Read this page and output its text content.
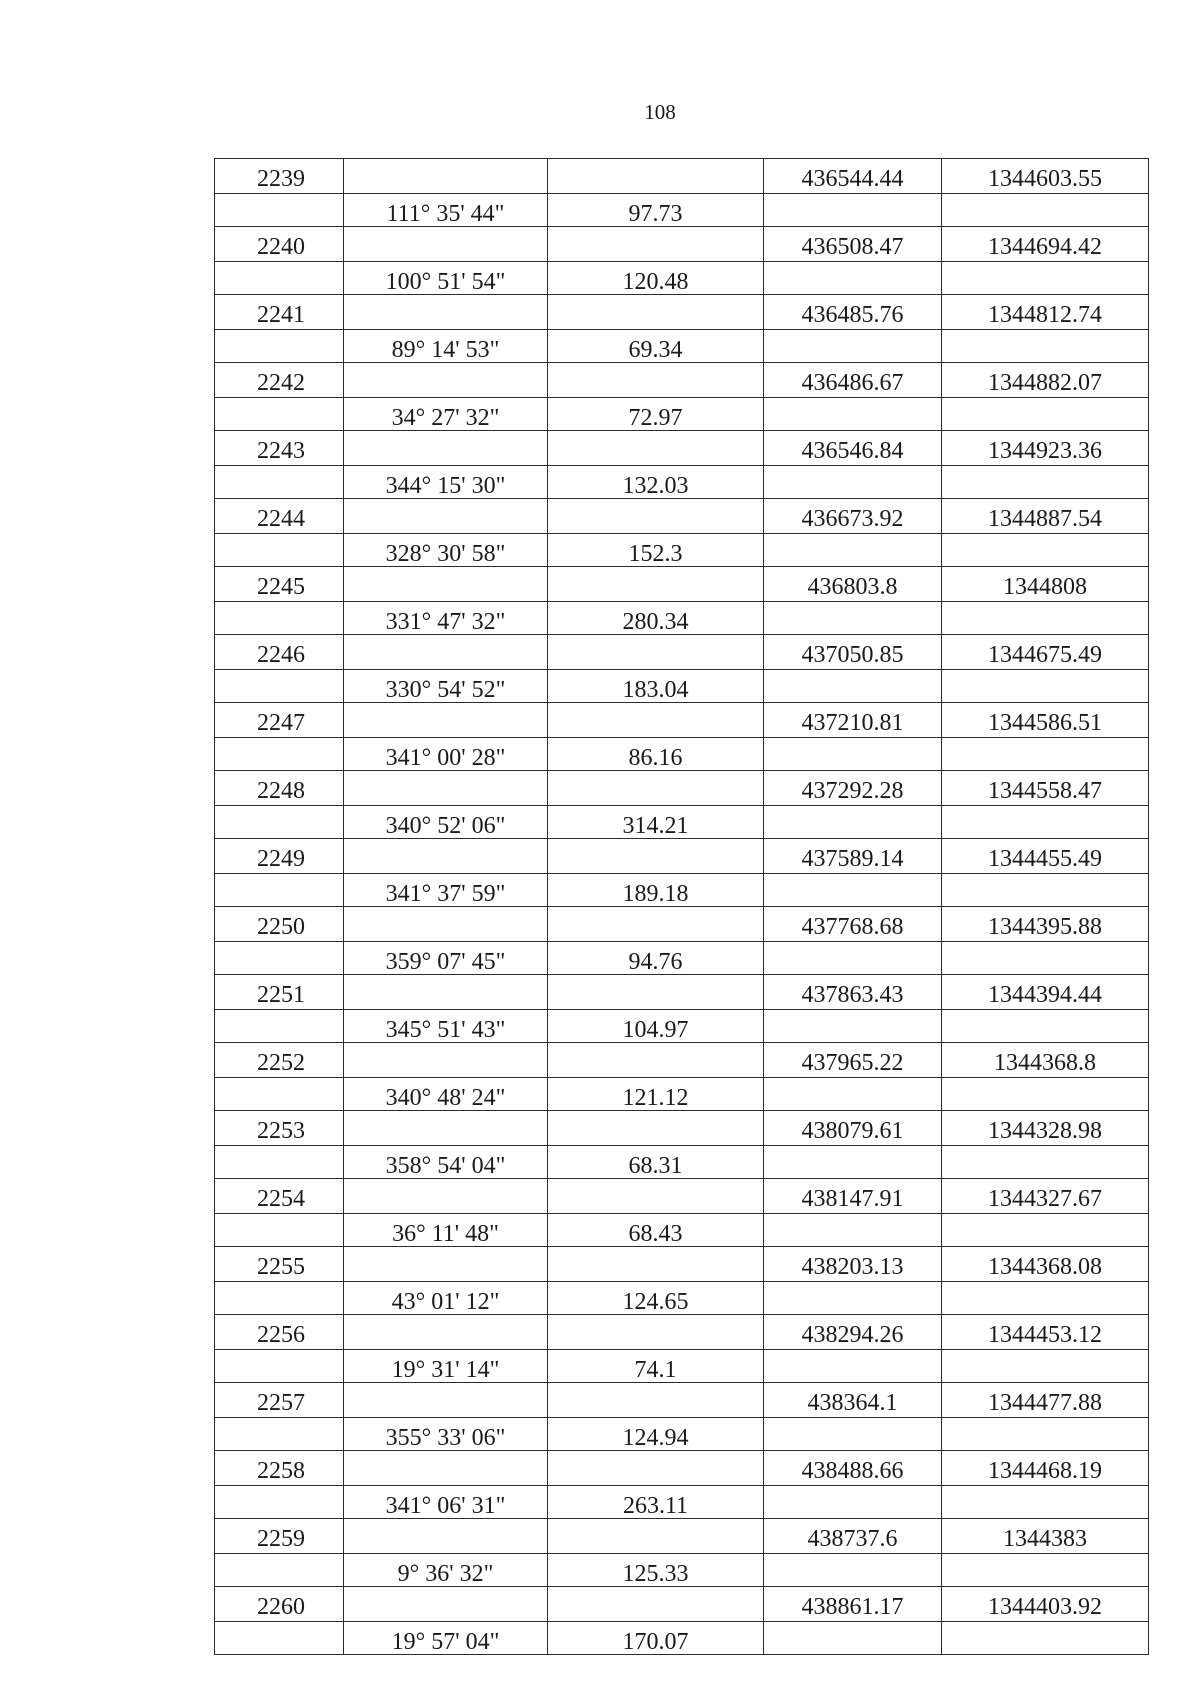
108
2239			436544.44	1344603.55
	111° 35' 44"	97.73		
2240			436508.47	1344694.42
	100° 51' 54"	120.48		
2241			436485.76	1344812.74
	89° 14' 53"	69.34		
2242			436486.67	1344882.07
	34° 27' 32"	72.97		
2243			436546.84	1344923.36
	344° 15' 30"	132.03		
2244			436673.92	1344887.54
	328° 30' 58"	152.3		
2245			436803.8	1344808
	331° 47' 32"	280.34		
2246			437050.85	1344675.49
	330° 54' 52"	183.04		
2247			437210.81	1344586.51
	341° 00' 28"	86.16		
2248			437292.28	1344558.47
	340° 52' 06"	314.21		
2249			437589.14	1344455.49
	341° 37' 59"	189.18		
2250			437768.68	1344395.88
	359° 07' 45"	94.76		
2251			437863.43	1344394.44
	345° 51' 43"	104.97		
2252			437965.22	1344368.8
	340° 48' 24"	121.12		
2253			438079.61	1344328.98
	358° 54' 04"	68.31		
2254			438147.91	1344327.67
	36° 11' 48"	68.43		
2255			438203.13	1344368.08
	43° 01' 12"	124.65		
2256			438294.26	1344453.12
	19° 31' 14"	74.1		
2257			438364.1	1344477.88
	355° 33' 06"	124.94		
2258			438488.66	1344468.19
	341° 06' 31"	263.11		
2259			438737.6	1344383
	9° 36' 32"	125.33		
2260			438861.17	1344403.92
	19° 57' 04"	170.07		
